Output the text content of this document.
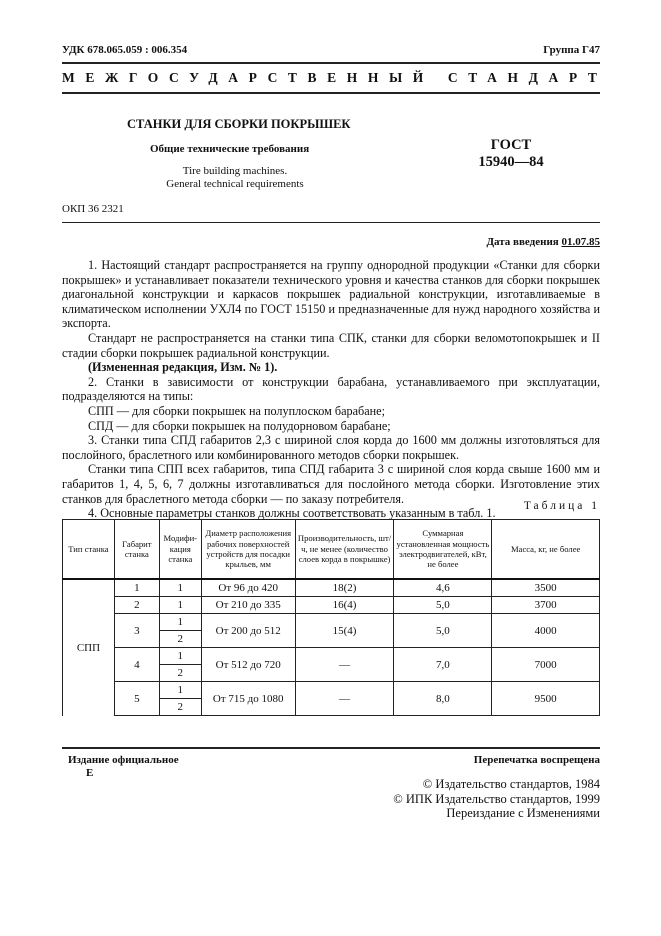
УДК 678.065.059 : 006.354	Группа Г47
МЕЖГОСУДАРСТВЕННЫЙ СТАНДАРТ
СТАНКИ ДЛЯ СБОРКИ ПОКРЫШЕК
Общие технические требования
Tire building machines.
General technical requirements
ГОСТ
15940—84
ОКП 36 2321
Дата введения 01.07.85

1. Настоящий стандарт распространяется на группу однородной продукции «Станки для сборки покрышек» и устанавливает показатели технического уровня и качества станков для сборки покрышек диагональной конструкции и каркасов покрышек радиальной конструкции, изготавливаемые в климатическом исполнении УХЛ4 по ГОСТ 15150 и предназначенные для нужд народного хозяйства и экспорта.

Стандарт не распространяется на станки типа СПК, станки для сборки веломотопокрышек и II стадии сборки покрышек радиальной конструкции.

(Измененная редакция, Изм. № 1).

2. Станки в зависимости от конструкции барабана, устанавливаемого при эксплуатации, подразделяются на типы:

СПП — для сборки покрышек на полуплоском барабане;

СПД — для сборки покрышек на полудорновом барабане;

3. Станки типа СПД габаритов 2,3 с шириной слоя корда до 1600 мм должны изготовляться для послойного, браслетного или комбинированного методов сборки покрышек.

Станки типа СПП всех габаритов, типа СПД габарита 3 с шириной слоя корда свыше 1600 мм и габаритов 1, 4, 5, 6, 7 должны изготавливаться для послойного метода сборки. Изготовление этих станков для браслетного метода сборки — по заказу потребителя.

4. Основные параметры станков должны соответствовать указанным в табл. 1.

Таблица 1
Тип станка	Габарит станка	Модифи-кация станка	Диаметр расположения рабочих поверхностей устройств для посадки крыльев, мм	Производительность, шт/ч, не менее (количество слоев корда в покрышке)	Суммарная установленная мощность электродвигателей, кВт, не более	Масса, кг, не более
СПП	1	1	От 96 до 420	18(2)	4,6	3500
	2	1	От 210 до 335	16(4)	5,0	3700
	3	1	От 200 до 512	15(4)	5,0	4000
		2				
	4	1	От 512 до 720	—	7,0	7000
		2				
	5	1	От 715 до 1080	—	8,0	9500
		2				
Издание официальное
Е
Перепечатка воспрещена
© Издательство стандартов, 1984
© ИПК Издательство стандартов, 1999
Переиздание с Изменениями
